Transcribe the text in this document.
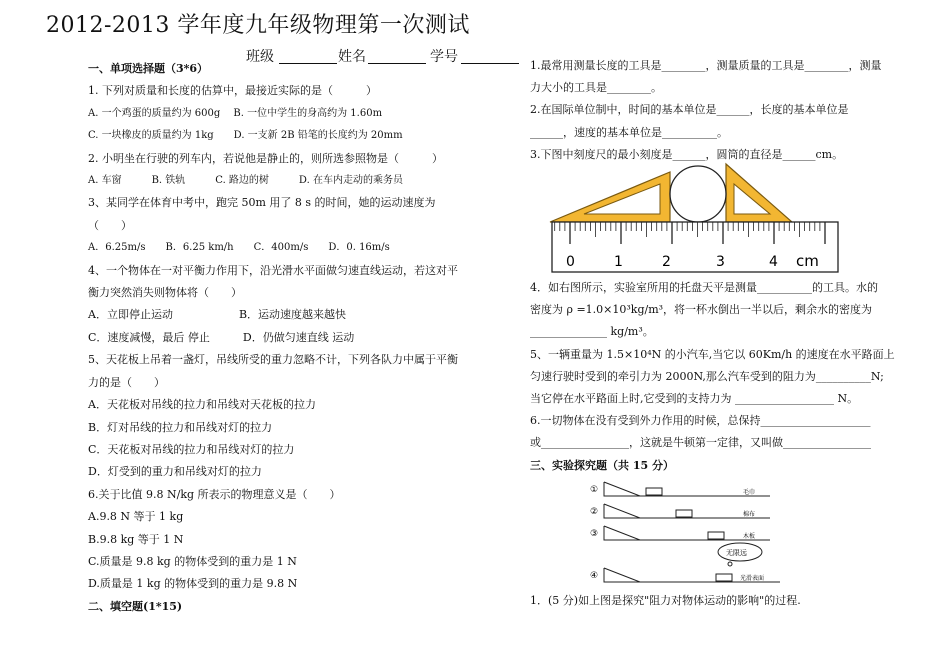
2012-2013 学年度九年级物理第一次测试
班级	姓名	学号
一、单项选择题（3*6）
1. 下列对质量和长度的估算中，最接近实际的是（　　　）
A. 一个鸡蛋的质量约为 600g　 B. 一位中学生的身高约为 1.60m
C. 一块橡皮的质量约为 1kg　　D. 一支新 2B 铅笔的长度约为 20mm
2. 小明坐在行驶的列车内，若说他是静止的，则所选参照物是（　　　）
A. 车窗　　　B. 铁轨　　　C. 路边的树　　　D. 在车内走动的乘务员
3、某同学在体育中考中，跑完 50m 用了 8 s 的时间，她的运动速度为
（　　）
A．6.25m/s　　B．6.25 km/h　　C．400m/s　　D．0. 16m/s
4、一个物体在一对平衡力作用下，沿光滑水平面做匀速直线运动，若这对平
衡力突然消失则物体将（　　）
A．立即停止运动　　　　　　B．运动速度越来越快
C．速度减慢，最后 停止　　　D．仍做匀速直线 运动
5、天花板上吊着一盏灯，吊线所受的重力忽略不计，下列各队力中属于平衡
力的是（　　）
A．天花板对吊线的拉力和吊线对天花板的拉力
B．灯对吊线的拉力和吊线对灯的拉力
C．天花板对吊线的拉力和吊线对灯的拉力
D．灯受到的重力和吊线对灯的拉力
6.关于比值 9.8 N/kg 所表示的物理意义是（　　）
A.9.8 N 等于 1 kg
B.9.8 kg 等于 1 N
C.质量是 9.8 kg 的物体受到的重力是 1 N
D.质量是 1 kg 的物体受到的重力是 9.8 N
二、填空题(1*15)
1.最常用测量长度的工具是________，测量质量的工具是________，测量
力大小的工具是________。
2.在国际单位制中，时间的基本单位是______，长度的基本单位是
______，速度的基本单位是__________。
3.下图中刻度尺的最小刻度是______，圆筒的直径是______cm。
0	1	2	3	4 cm
4．如右图所示，实验室所用的托盘天平是测量__________的工具。水的
密度为 ρ =1.0×10³kg/m³，将一杯水倒出一半以后，剩余水的密度为
______________ kg/m³。
5、一辆重量为 1.5×10⁴N 的小汽车,当它以 60Km/h 的速度在水平路面上
匀速行驶时受到的牵引力为 2000N,那么汽车受到的阻力为__________N;
当它停在水平路面上时,它受到的支持力为 __________________ N。
6.一切物体在没有受到外力作用的时候，总保持____________________
或________________，这就是牛顿第一定律，又叫做________________
三、实验探究题（共 15 分）
①	毛巾
②	棉布
③	木板
无限远
④	光滑表面
1．(5 分)如上图是探究"阻力对物体运动的影响"的过程.
